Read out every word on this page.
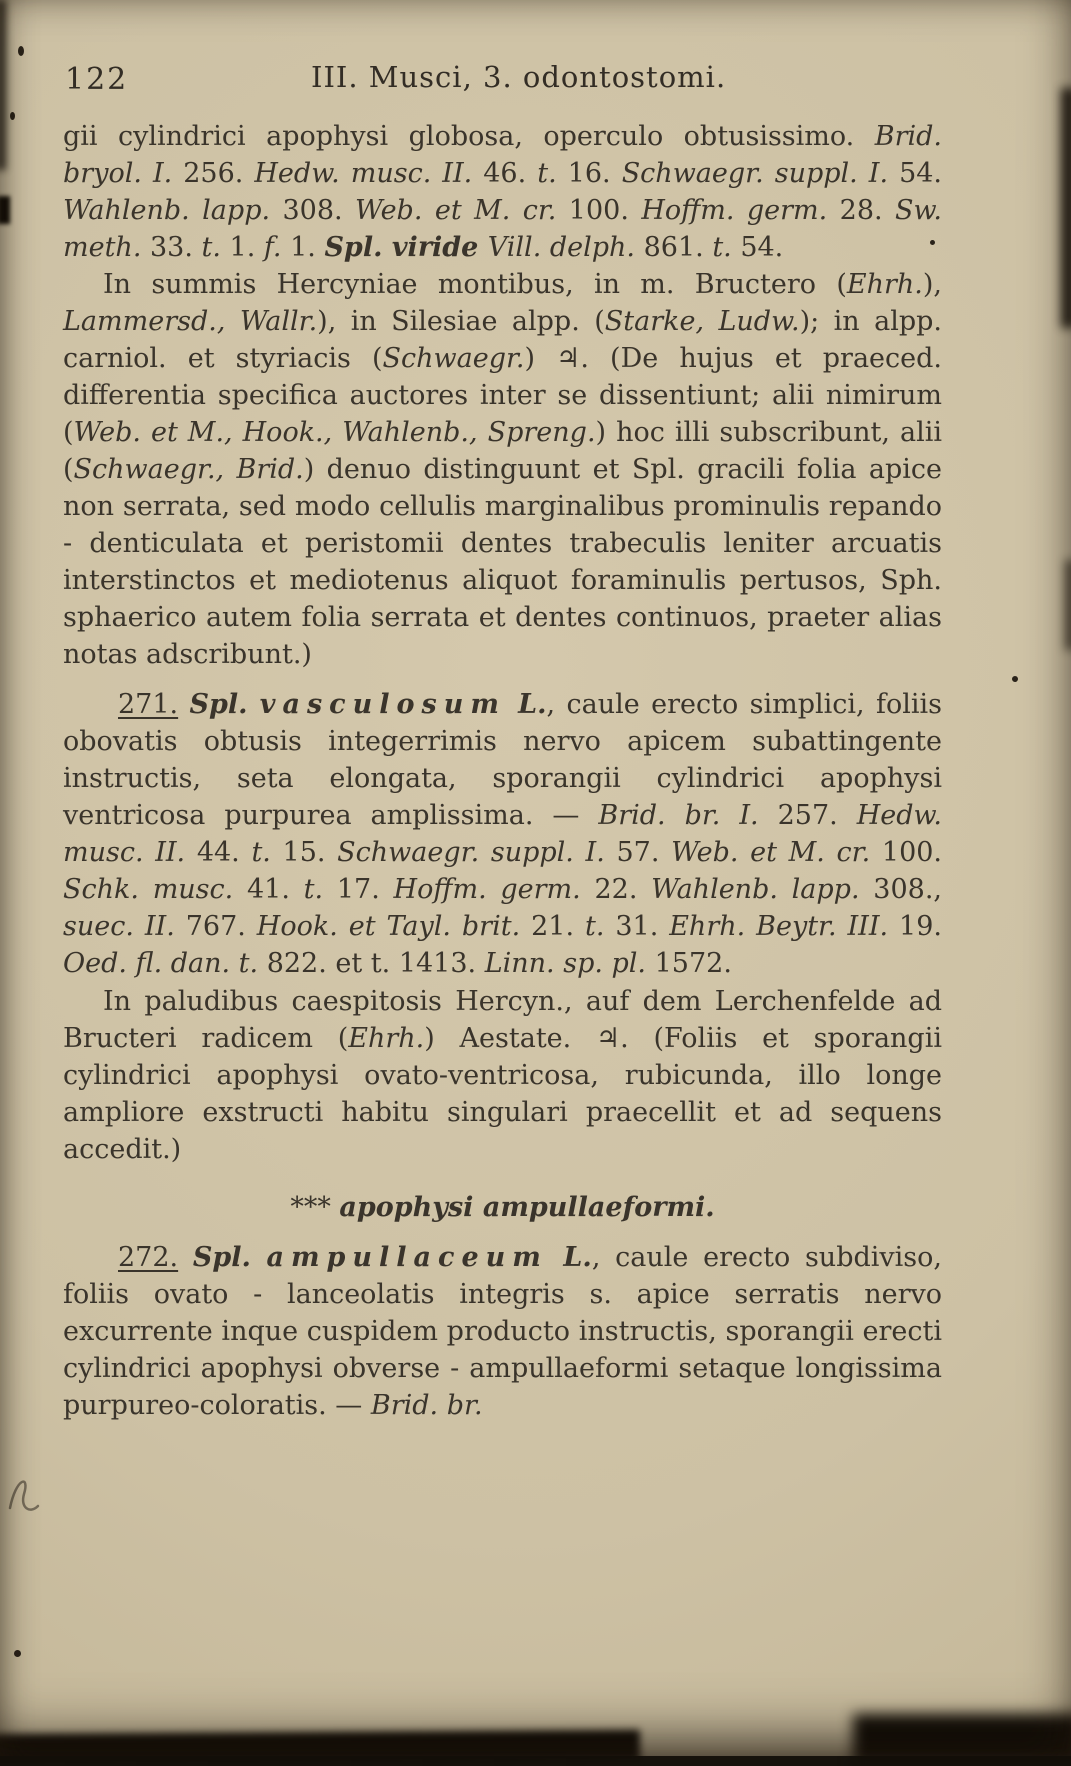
122	III. Musci, 3. odontostomi.

gii cylindrici apophysi globosa, operculo obtusissimo. Brid. bryol. I. 256. Hedw. musc. II. 46. t. 16. Schwaegr. suppl. I. 54. Wahlenb. lapp. 308. Web. et M. cr. 100. Hoffm. germ. 28. Sw. meth. 33. t. 1. f. 1. Spl. viride Vill. delph. 861. t. 54.

In summis Hercyniae montibus, in m. Bructero (Ehrh.), Lammersd., Wallr.), in Silesiae alpp. (Starke, Ludw.); in alpp. carniol. et styriacis (Schwaegr.) ♃. (De hujus et praeced. differentia specifica auctores inter se dissentiunt; alii nimirum (Web. et M., Hook., Wahlenb., Spreng.) hoc illi subscribunt, alii (Schwaegr., Brid.) denuo distinguunt et Spl. gracili folia apice non serrata, sed modo cellulis marginalibus prominulis repando - denticulata et peristomii dentes trabeculis leniter arcuatis interstinctos et mediotenus aliquot foraminulis pertusos, Sph. sphaerico autem folia serrata et dentes continuos, praeter alias notas adscribunt.)

271. Spl. vasculosum L., caule erecto simplici, foliis obovatis obtusis integerrimis nervo apicem subattingente instructis, seta elongata, sporangii cylindrici apophysi ventricosa purpurea amplissima. — Brid. br. I. 257. Hedw. musc. II. 44. t. 15. Schwaegr. suppl. I. 57. Web. et M. cr. 100. Schk. musc. 41. t. 17. Hoffm. germ. 22. Wahlenb. lapp. 308., suec. II. 767. Hook. et Tayl. brit. 21. t. 31. Ehrh. Beytr. III. 19. Oed. fl. dan. t. 822. et t. 1413. Linn. sp. pl. 1572.

In paludibus caespitosis Hercyn., auf dem Lerchenfelde ad Bructeri radicem (Ehrh.) Aestate. ♃. (Foliis et sporangii cylindrici apophysi ovato-ventricosa, rubicunda, illo longe ampliore exstructi habitu singulari praecellit et ad sequens accedit.)

*** apophysi ampullaeformi.

272. Spl. ampullaceum L., caule erecto subdiviso, foliis ovato - lanceolatis integris s. apice serratis nervo excurrente inque cuspidem producto instructis, sporangii erecti cylindrici apophysi obverse - ampullaeformi setaque longissima purpureo-coloratis. — Brid. br.
